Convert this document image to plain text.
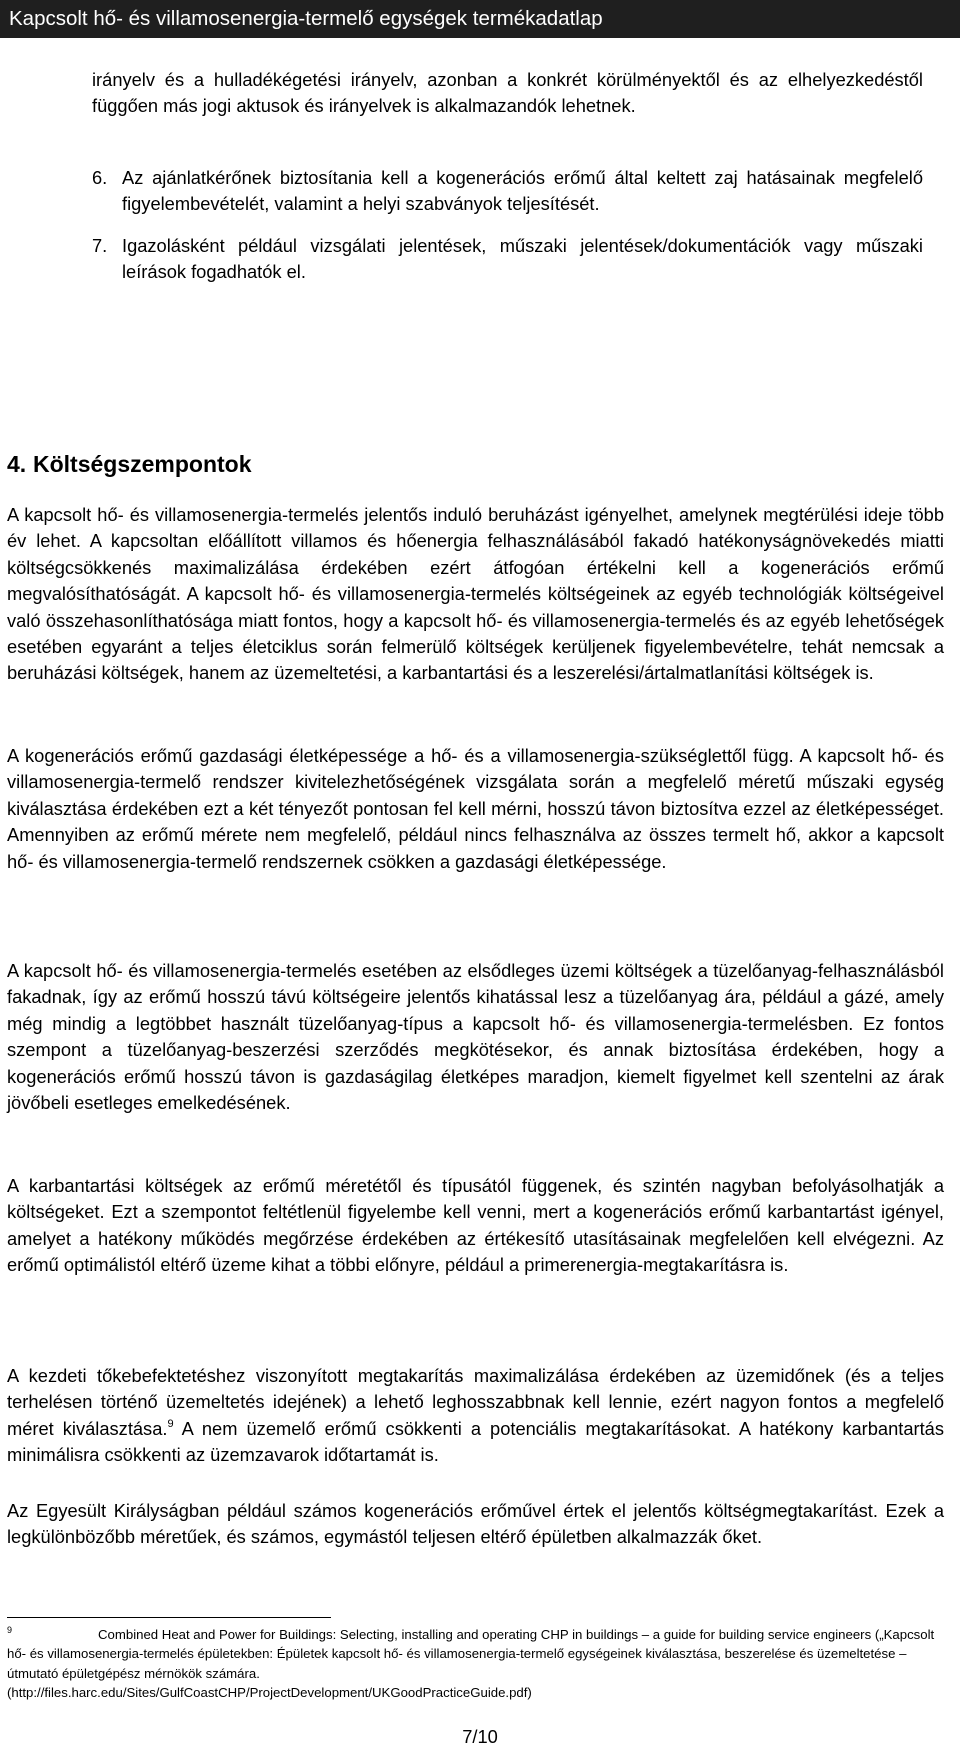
Kapcsolt hő- és villamosenergia-termelő egységek termékadatlap
irányelv és a hulladékégetési irányelv, azonban a konkrét körülményektől és az elhelyezkedéstől függően más jogi aktusok és irányelvek is alkalmazandók lehetnek.
6. Az ajánlatkérőnek biztosítania kell a kogenerációs erőmű által keltett zaj hatásainak megfelelő figyelembevételét, valamint a helyi szabványok teljesítését.
7. Igazolásként például vizsgálati jelentések, műszaki jelentések/dokumentációk vagy műszaki leírások fogadhatók el.
4. Költségszempontok
A kapcsolt hő- és villamosenergia-termelés jelentős induló beruházást igényelhet, amelynek megtérülési ideje több év lehet. A kapcsoltan előállított villamos és hőenergia felhasználásából fakadó hatékonyságnövekedés miatti költségcsökkenés maximalizálása érdekében ezért átfogóan értékelni kell a kogenerációs erőmű megvalósíthatóságát. A kapcsolt hő- és villamosenergia-termelés költségeinek az egyéb technológiák költségeivel való összehasonlíthatósága miatt fontos, hogy a kapcsolt hő- és villamosenergia-termelés és az egyéb lehetőségek esetében egyaránt a teljes életciklus során felmerülő költségek kerüljenek figyelembevételre, tehát nemcsak a beruházási költségek, hanem az üzemeltetési, a karbantartási és a leszerelési/ártalmatlanítási költségek is.
A kogenerációs erőmű gazdasági életképessége a hő- és a villamosenergia-szükséglettől függ. A kapcsolt hő- és villamosenergia-termelő rendszer kivitelezhetőségének vizsgálata során a megfelelő méretű műszaki egység kiválasztása érdekében ezt a két tényezőt pontosan fel kell mérni, hosszú távon biztosítva ezzel az életképességet. Amennyiben az erőmű mérete nem megfelelő, például nincs felhasználva az összes termelt hő, akkor a kapcsolt hő- és villamosenergia-termelő rendszernek csökken a gazdasági életképessége.
A kapcsolt hő- és villamosenergia-termelés esetében az elsődleges üzemi költségek a tüzelőanyag-felhasználásból fakadnak, így az erőmű hosszú távú költségeire jelentős kihatással lesz a tüzelőanyag ára, például a gázé, amely még mindig a legtöbbet használt tüzelőanyag-típus a kapcsolt hő- és villamosenergia-termelésben. Ez fontos szempont a tüzelőanyag-beszerzési szerződés megkötésekor, és annak biztosítása érdekében, hogy a kogenerációs erőmű hosszú távon is gazdaságilag életképes maradjon, kiemelt figyelmet kell szentelni az árak jövőbeli esetleges emelkedésének.
A karbantartási költségek az erőmű méretétől és típusától függenek, és szintén nagyban befolyásolhatják a költségeket. Ezt a szempontot feltétlenül figyelembe kell venni, mert a kogenerációs erőmű karbantartást igényel, amelyet a hatékony működés megőrzése érdekében az értékesítő utasításainak megfelelően kell elvégezni. Az erőmű optimálistól eltérő üzeme kihat a többi előnyre, például a primerenergia-megtakarításra is.
A kezdeti tőkebefektetéshez viszonyított megtakarítás maximalizálása érdekében az üzemidőnek (és a teljes terhelésen történő üzemeltetés idejének) a lehető leghosszabbnak kell lennie, ezért nagyon fontos a megfelelő méret kiválasztása.$^9$ A nem üzemelő erőmű csökkenti a potenciális megtakarításokat. A hatékony karbantartás minimálisra csökkenti az üzemzavarok időtartamát is.
Az Egyesült Királyságban például számos kogenerációs erőművel értek el jelentős költségmegtakarítást. Ezek a legkülönbözőbb méretűek, és számos, egymástól teljesen eltérő épületben alkalmazzák őket.
$^9$	Combined Heat and Power for Buildings: Selecting, installing and operating CHP in buildings – a guide for building service engineers („Kapcsolt hő- és villamosenergia-termelés épületekben: Épületek kapcsolt hő- és villamosenergia-termelő egységeinek kiválasztása, beszerelése és üzemeltetése – útmutató épületgépész mérnökök számára.
(http://files.harc.edu/Sites/GulfCoastCHP/ProjectDevelopment/UKGoodPracticeGuide.pdf)
7/10
